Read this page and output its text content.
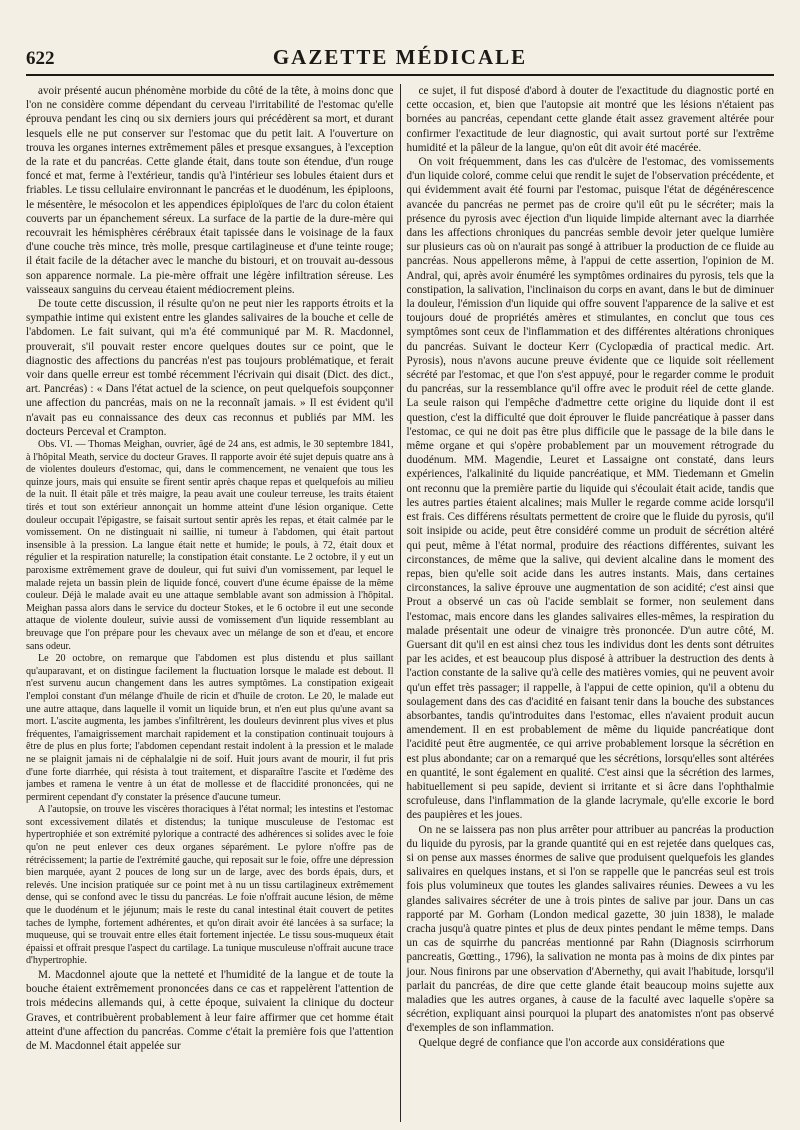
622	GAZETTE MÉDICALE

avoir présenté aucun phénomène morbide du côté de la tête, à moins donc que l'on ne considère comme dépendant du cerveau l'irritabilité de l'estomac qu'elle éprouva pendant les cinq ou six derniers jours qui précédèrent sa mort, et durant lesquels elle ne put conserver sur l'estomac que du petit lait. A l'ouverture on trouva les organes internes extrêmement pâles et presque exsangues, à l'exception de la rate et du pancréas. Cette glande était, dans toute son étendue, d'un rouge foncé et mat, ferme à l'extérieur, tandis qu'à l'intérieur ses lobules étaient durs et friables. Le tissu cellulaire environnant le pancréas et le duodénum, les épiploons, le mésentère, le mésocolon et les appendices épiploïques de l'arc du colon étaient couverts par un épanchement séreux. La surface de la partie de la dure-mère qui recouvrait les hémisphères cérébraux était tapissée dans le voisinage de la faux d'une couche très mince, très molle, presque cartilagineuse et d'une teinte rouge; il était facile de la détacher avec le manche du bistouri, et on trouvait au-dessous son apparence normale. La pie-mère offrait une légère infiltration séreuse. Les vaisseaux sanguins du cerveau étaient médiocrement pleins.

De toute cette discussion, il résulte qu'on ne peut nier les rapports étroits et la sympathie intime qui existent entre les glandes salivaires de la bouche et celle de l'abdomen. Le fait suivant, qui m'a été communiqué par M. R. Macdonnel, prouverait, s'il pouvait rester encore quelques doutes sur ce point, que le diagnostic des affections du pancréas n'est pas toujours problématique, et ferait voir dans quelle erreur est tombé récemment l'écrivain qui disait (Dict. des dict., art. Pancréas) : « Dans l'état actuel de la science, on peut quelquefois soupçonner une affection du pancréas, mais on ne la reconnaît jamais. » Il est évident qu'il n'avait pas eu connaissance des deux cas reconnus et publiés par MM. les docteurs Perceval et Crampton.

Obs. VI. — Thomas Meighan, ouvrier, âgé de 24 ans, est admis, le 30 septembre 1841, à l'hôpital Meath, service du docteur Graves. Il rapporte avoir été sujet depuis quatre ans à de violentes douleurs d'estomac, qui, dans le commencement, ne venaient que tous les quinze jours, mais qui ensuite se firent sentir après chaque repas et quelquefois au milieu de la nuit. Il était pâle et très maigre, la peau avait une couleur terreuse, les traits étaient tirés et tout son extérieur annonçait un homme atteint d'une lésion organique. Cette douleur occupait l'épigastre, se faisait surtout sentir après les repas, et était calmée par le vomissement. On ne distinguait ni saillie, ni tumeur à l'abdomen, qui était partout insensible à la pression. La langue était nette et humide; le pouls, à 72, était doux et régulier et la respiration naturelle; la constipation était constante. Le 2 octobre, il y eut un paroxisme extrêmement grave de douleur, qui fut suivi d'un vomissement, par lequel le malade rejeta un bassin plein de liquide foncé, couvert d'une écume épaisse de la même couleur. Déjà le malade avait eu une attaque semblable avant son admission à l'hôpital. Meighan passa alors dans le service du docteur Stokes, et le 6 octobre il eut une seconde attaque de violente douleur, suivie aussi de vomissement d'un liquide ressemblant au breuvage que l'on prépare pour les chevaux avec un mélange de son et d'eau, et encore sans odeur.

Le 20 octobre, on remarque que l'abdomen est plus distendu et plus saillant qu'auparavant, et on distingue facilement la fluctuation lorsque le malade est debout. Il n'est survenu aucun changement dans les autres symptômes. La constipation exigeait l'emploi constant d'un mélange d'huile de ricin et d'huile de croton. Le 20, le malade eut une autre attaque, dans laquelle il vomit un liquide brun, et n'en eut plus qu'une avant sa mort. L'ascite augmenta, les jambes s'infiltrèrent, les douleurs devinrent plus vives et plus fréquentes, l'amaigrissement marchait rapidement et la constipation continuait toujours à être de plus en plus forte; l'abdomen cependant restait indolent à la pression et le malade ne se plaignit jamais ni de céphalalgie ni de soif. Huit jours avant de mourir, il fut pris d'une forte diarrhée, qui résista à tout traitement, et disparaître l'ascite et l'œdème des jambes et ramena le ventre à un état de mollesse et de flaccidité prononcées, qui ne permirent cependant d'y constater la présence d'aucune tumeur.

A l'autopsie, on trouve les viscères thoraciques à l'état normal; les intestins et l'estomac sont excessivement dilatés et distendus; la tunique musculeuse de l'estomac est hypertrophiée et son extrémité pylorique a contracté des adhérences si solides avec le foie qu'on ne peut enlever ces deux organes séparément. Le pylore n'offre pas de rétrécissement; la partie de l'extrémité gauche, qui reposait sur le foie, offre une dépression bien marquée, ayant 2 pouces de long sur un de large, avec des bords épais, durs, et relevés. Une incision pratiquée sur ce point met à nu un tissu cartilagineux extrêmement dense, qui se confond avec le tissu du pancréas. Le foie n'offrait aucune lésion, de même que le duodénum et le jéjunum; mais le reste du canal intestinal était couvert de petites taches de lymphe, fortement adhérentes, et qu'on dirait avoir été lancées à sa surface; la muqueuse, qui se trouvait entre elles était fortement injectée. Le tissu sous-muqueux était épaissi et offrait presque l'aspect du cartilage. La tunique musculeuse n'offrait aucune trace d'hypertrophie.

M. Macdonnel ajoute que la netteté et l'humidité de la langue et de toute la bouche étaient extrêmement prononcées dans ce cas et rappelèrent l'attention de trois médecins allemands qui, à cette époque, suivaient la clinique du docteur Graves, et contribuèrent probablement à leur faire affirmer que cet homme était atteint d'une affection du pancréas. Comme c'était la première fois que l'attention de M. Macdonnel était appelée sur

ce sujet, il fut disposé d'abord à douter de l'exactitude du diagnostic porté en cette occasion, et, bien que l'autopsie ait montré que les lésions n'étaient pas bornées au pancréas, cependant cette glande était assez gravement altérée pour confirmer l'exactitude de leur diagnostic, qui avait surtout porté sur l'extrême humidité et la pâleur de la langue, qu'on eût dit avoir été macérée.

On voit fréquemment, dans les cas d'ulcère de l'estomac, des vomissements d'un liquide coloré, comme celui que rendit le sujet de l'observation précédente, et qui évidemment avait été fourni par l'estomac, puisque l'état de dégénérescence avancée du pancréas ne permet pas de croire qu'il eût pu le sécréter; mais la présence du pyrosis avec éjection d'un liquide limpide alternant avec la diarrhée dans les affections chroniques du pancréas semble devoir jeter quelque lumière sur plusieurs cas où on n'aurait pas songé à attribuer la production de ce fluide au pancréas. Nous appellerons même, à l'appui de cette assertion, l'opinion de M. Andral, qui, après avoir énuméré les symptômes ordinaires du pyrosis, tels que la constipation, la salivation, l'inclinaison du corps en avant, dans le but de diminuer la douleur, l'émission d'un liquide qui offre souvent l'apparence de la salive et est toujours doué de propriétés amères et stimulantes, en conclut que tous ces symptômes sont ceux de l'inflammation et des différentes altérations chroniques du pancréas. Suivant le docteur Kerr (Cyclopædia of practical medic. Art. Pyrosis), nous n'avons aucune preuve évidente que ce liquide soit réellement sécrété par l'estomac, et que l'on s'est appuyé, pour le regarder comme le produit du pancréas, sur la ressemblance qu'il offre avec le produit réel de cette glande. La seule raison qui l'empêche d'admettre cette origine du liquide dont il est question, c'est la difficulté que doit éprouver le fluide pancréatique à passer dans l'estomac, ce qui ne doit pas être plus difficile que le passage de la bile dans le même organe et qui s'opère probablement par un mouvement rétrograde du duodénum. MM. Magendie, Leuret et Lassaigne ont constaté, dans leurs expériences, l'alkalinité du liquide pancréatique, et MM. Tiedemann et Gmelin ont reconnu que la première partie du liquide qui s'écoulait était acide, tandis que les autres parties étaient alcalines; mais Muller le regarde comme acide lorsqu'il est frais. Ces différens résultats permettent de croire que le fluide du pyrosis, qu'il soit insipide ou acide, peut être considéré comme un produit de sécrétion altéré qui peut, même à l'état normal, produire des réactions différentes, suivant les circonstances, de même que la salive, qui devient alcaline dans le moment des repas, bien qu'elle soit acide dans les autres instants. Mais, dans certaines circonstances, la salive éprouve une augmentation de son acidité; c'est ainsi que Prout a observé un cas où l'acide semblait se former, non seulement dans l'estomac, mais encore dans les glandes salivaires elles-mêmes, la respiration du malade présentait une odeur de vinaigre très prononcée. D'un autre côté, M. Guersant dit qu'il en est ainsi chez tous les individus dont les dents sont détruites par les acides, et est beaucoup plus disposé à attribuer la destruction des dents à l'action constante de la salive qu'à celle des matières vomies, qui ne peuvent avoir qu'un effet très passager; il rappelle, à l'appui de cette opinion, qu'il a obtenu du soulagement dans des cas d'acidité en faisant tenir dans la bouche des substances absorbantes, tandis qu'introduites dans l'estomac, elles n'avaient produit aucun amendement. Il en est probablement de même du liquide pancréatique dont l'acidité peut être augmentée, ce qui arrive probablement lorsque la sécrétion en est plus abondante; car on a remarqué que les sécrétions, lorsqu'elles sont altérées en quantité, le sont également en qualité. C'est ainsi que la sécrétion des larmes, habituellement si peu sapide, devient si irritante et si âcre dans l'ophthalmie scrofuleuse, dans l'inflammation de la glande lacrymale, qu'elle excorie le bord des paupières et les joues.

On ne se laissera pas non plus arrêter pour attribuer au pancréas la production du liquide du pyrosis, par la grande quantité qui en est rejetée dans quelques cas, si on pense aux masses énormes de salive que produisent quelquefois les glandes salivaires en quelques instans, et si l'on se rappelle que le pancréas seul est trois fois plus volumineux que toutes les glandes salivaires réunies. Dewees a vu les glandes salivaires sécréter de une à trois pintes de salive par jour. Dans un cas rapporté par M. Gorham (London medical gazette, 30 juin 1838), le malade cracha jusqu'à quatre pintes et plus de deux pintes pendant le même temps. Dans un cas de squirrhe du pancréas mentionné par Rahn (Diagnosis scirrhorum pancreatis, Gœtting., 1796), la salivation ne monta pas à moins de dix pintes par jour. Nous finirons par une observation d'Abernethy, qui avait l'habitude, lorsqu'il parlait du pancréas, de dire que cette glande était beaucoup moins sujette aux maladies que les autres organes, à cause de la faculté avec laquelle s'opère sa sécrétion, expliquant ainsi pourquoi la plupart des anatomistes n'ont pas observé d'exemples de son inflammation.

Quelque degré de confiance que l'on accorde aux considérations que
